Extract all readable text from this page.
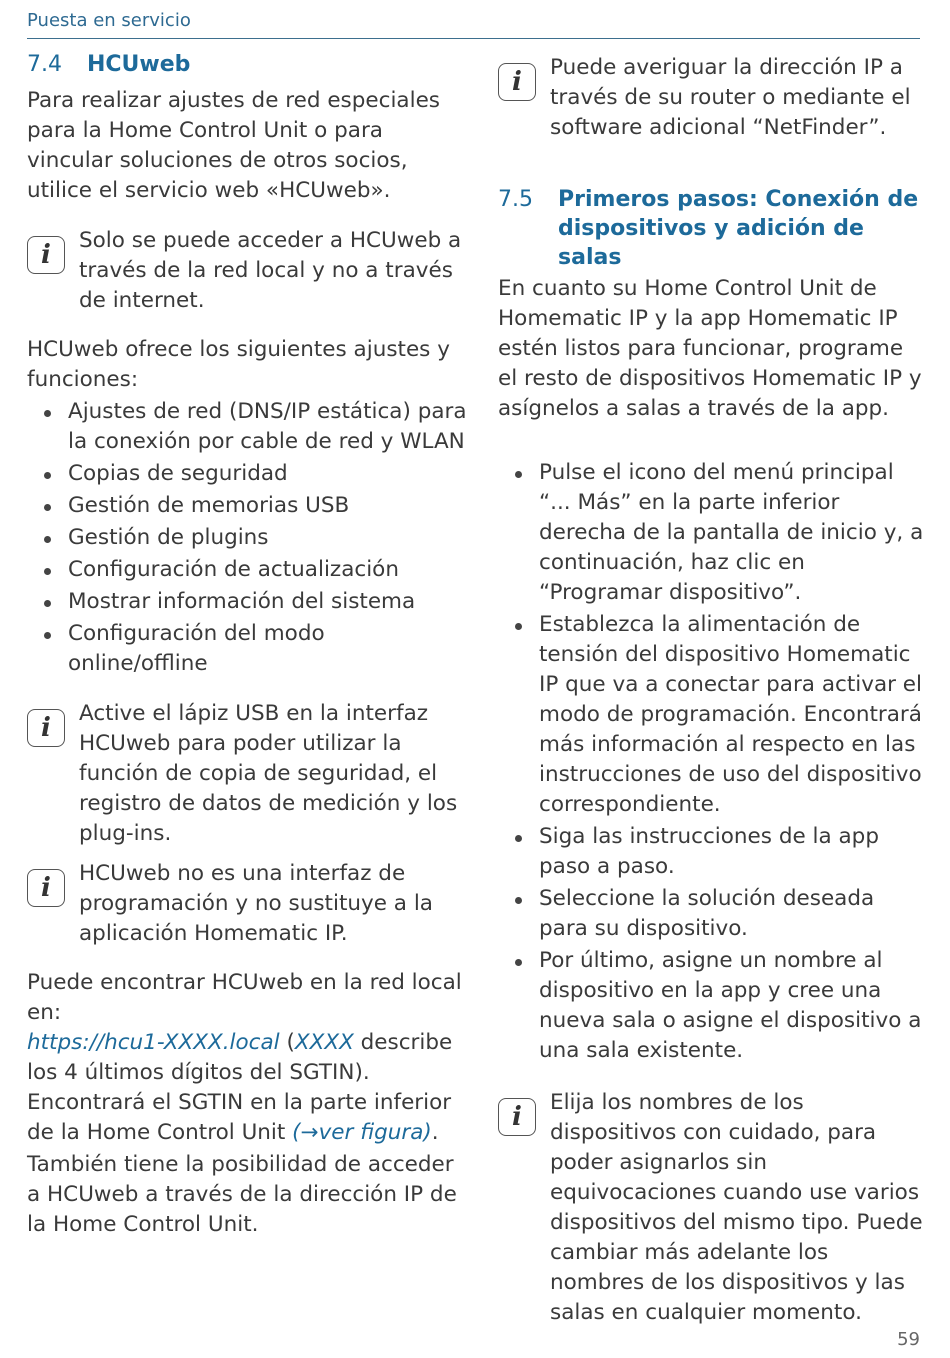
Puesta en servicio
7.4	HCUweb

Para realizar ajustes de red especiales para la Home Control Unit o para vincular soluciones de otros socios, utilice el servicio web «HCUweb».

i	Solo se puede acceder a HCUweb a través de la red local y no a través de internet.

HCUweb ofrece los siguientes ajustes y funciones:

Ajustes de red (DNS/IP estática) para la conexión por cable de red y WLAN
Copias de seguridad
Gestión de memorias USB
Gestión de plugins
Configuración de actualización
Mostrar información del sistema
Configuración del modo online/offline
i	Active el lápiz USB en la interfaz HCUweb para poder utilizar la función de copia de seguridad, el registro de datos de medición y los plug-ins.

i	HCUweb no es una interfaz de programación y no sustituye a la aplicación Homematic IP.

Puede encontrar HCUweb en la red local en:
https://hcu1-XXXX.local (XXXX describe los 4 últimos dígitos del SGTIN). Encontrará el SGTIN en la parte inferior de la Home Control Unit (→ver figura).

También tiene la posibilidad de acceder a HCUweb a través de la dirección IP de la Home Control Unit.

i	Puede averiguar la dirección IP a través de su router o mediante el software adicional “NetFinder”.

7.5	Primeros pasos: Conexión de dispositivos y adición de salas

En cuanto su Home Control Unit de Homematic IP y la app Homematic IP estén listos para funcionar, programe el resto de dispositivos Homematic IP y asígnelos a salas a través de la app.

Pulse el icono del menú principal “... Más” en la parte inferior derecha de la pantalla de inicio y, a continuación, haz clic en “Programar dispositivo”.
Establezca la alimentación de tensión del dispositivo Homematic IP que va a conectar para activar el modo de programación. Encontrará más información al respecto en las instrucciones de uso del dispositivo correspondiente.
Siga las instrucciones de la app paso a paso.
Seleccione la solución deseada para su dispositivo.
Por último, asigne un nombre al dispositivo en la app y cree una nueva sala o asigne el dispositivo a una sala existente.
i	Elija los nombres de los dispositivos con cuidado, para poder asignarlos sin equivocaciones cuando use varios dispositivos del mismo tipo. Puede cambiar más adelante los nombres de los dispositivos y las salas en cualquier momento.

59
